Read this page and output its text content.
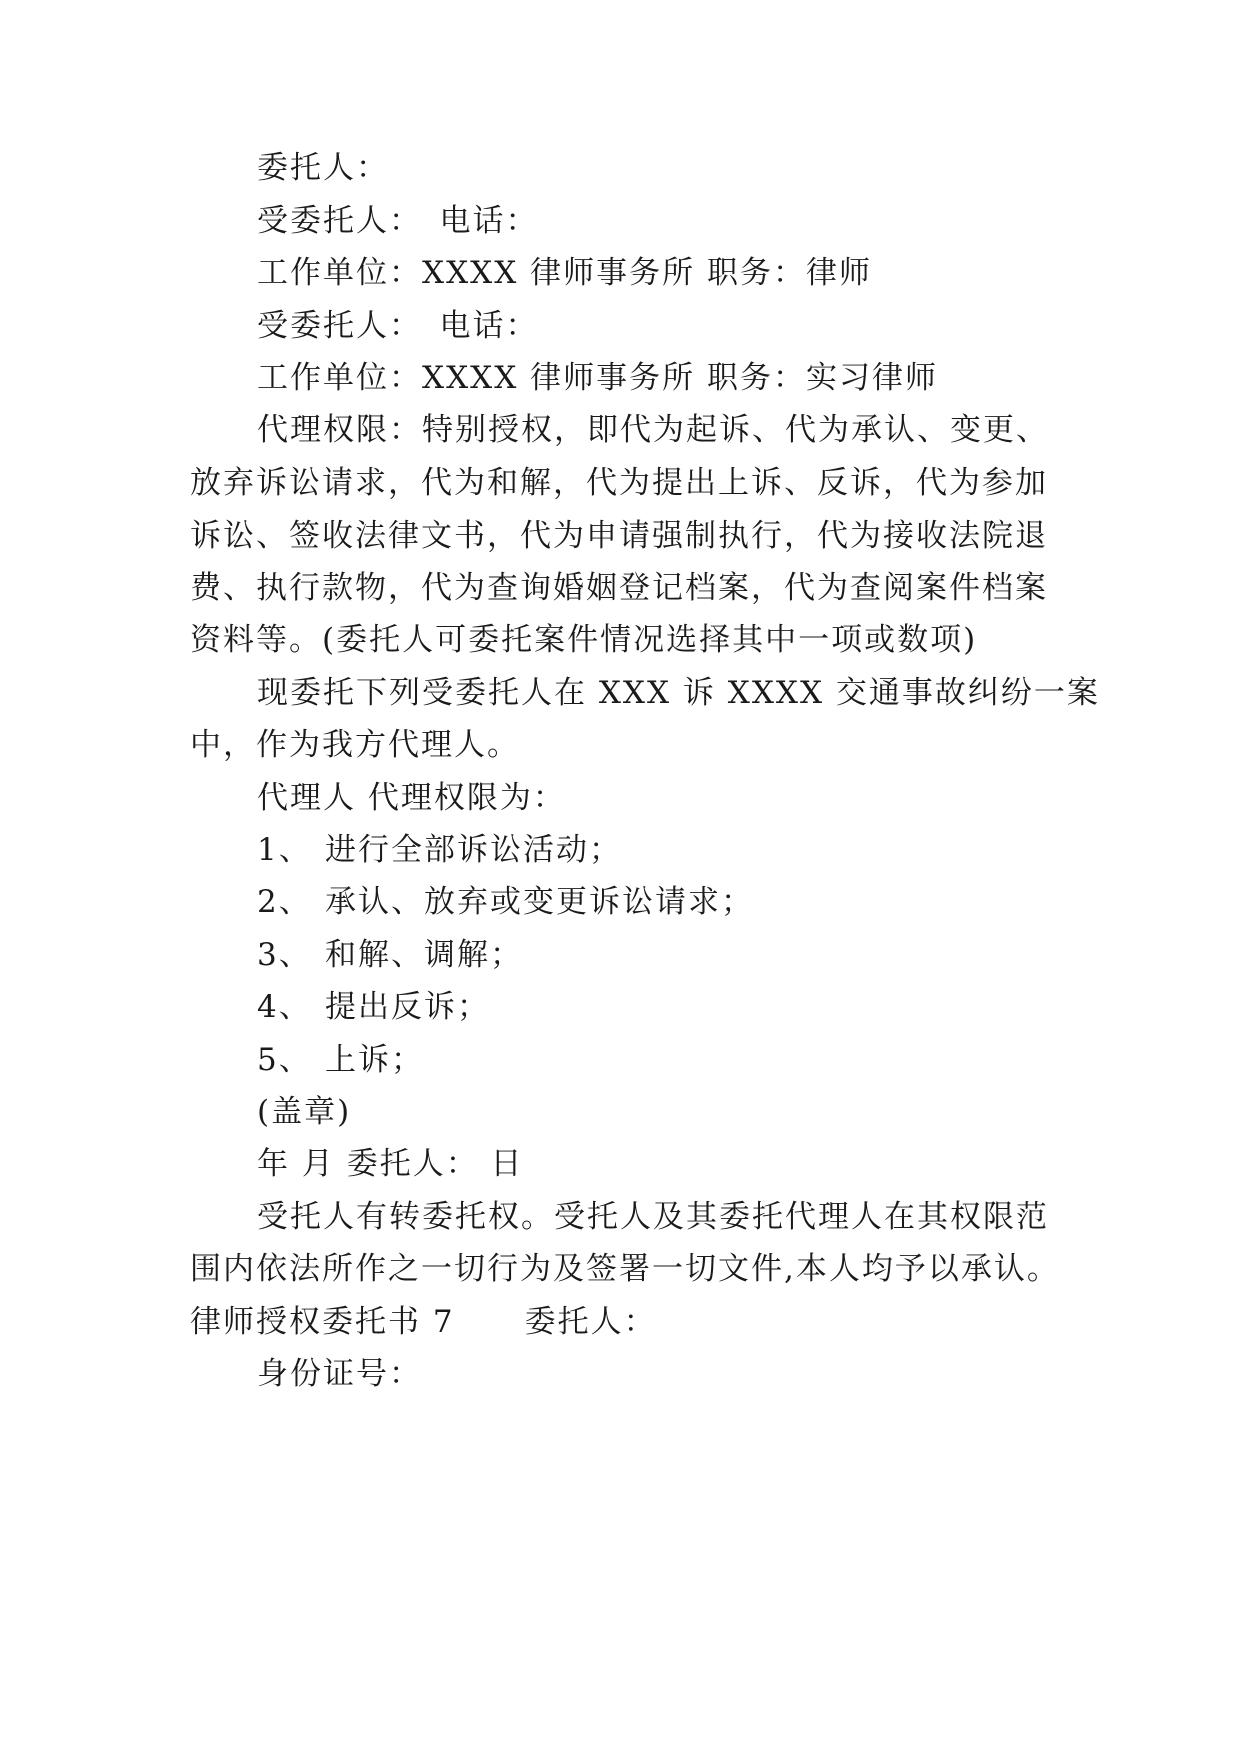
委托人：
受委托人：　电话：
工作单位：XXXX 律师事务所 职务：律师
受委托人：　电话：
工作单位：XXXX 律师事务所 职务：实习律师
代理权限：特别授权，即代为起诉、代为承认、变更、
放弃诉讼请求，代为和解，代为提出上诉、反诉，代为参加
诉讼、签收法律文书，代为申请强制执行，代为接收法院退
费、执行款物，代为查询婚姻登记档案，代为查阅案件档案
资料等。(委托人可委托案件情况选择其中一项或数项)
现委托下列受委托人在 XXX 诉 XXXX 交通事故纠纷一案
中，作为我方代理人。
代理人 代理权限为：
1、 进行全部诉讼活动；
2、 承认、放弃或变更诉讼请求；
3、 和解、调解；
4、 提出反诉；
5、 上诉；
(盖章)
年 月 委托人： 日
受托人有转委托权。受托人及其委托代理人在其权限范
围内依法所作之一切行为及签署一切文件,本人均予以承认。
律师授权委托书 7 委托人：
身份证号：
